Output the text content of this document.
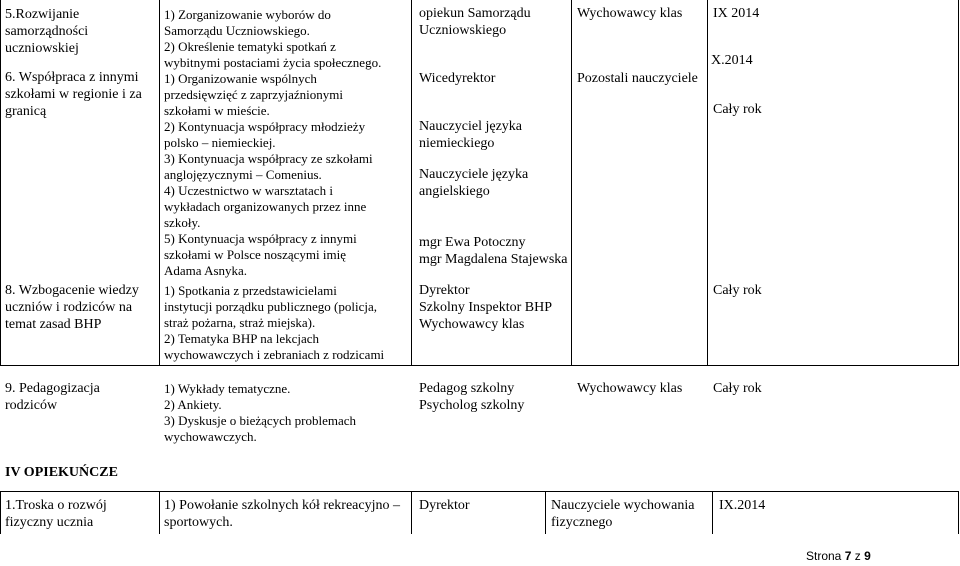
5.Rozwijanie
samorządności
uczniowskiej
1) Zorganizowanie wyborów do
Samorządu Uczniowskiego.
2) Określenie tematyki spotkań z
wybitnymi postaciami życia społecznego.
opiekun Samorządu
Uczniowskiego
Wychowawcy klas IX 2014
X.2014
6. Współpraca z innymi
szkołami w regionie i za
granicą
1) Organizowanie wspólnych
przedsięwzięć z zaprzyjaźnionymi
szkołami w mieście.
2) Kontynuacja współpracy młodzieży
polsko – niemieckiej.
3) Kontynuacja współpracy ze szkołami
anglojęzycznymi – Comenius.
4) Uczestnictwo w warsztatach i
wykładach organizowanych przez inne
szkoły.
5) Kontynuacja współpracy z innymi
szkołami w Polsce noszącymi imię
Adama Asnyka.
Wicedyrektor
Nauczyciel języka
niemieckiego
Nauczyciele języka
angielskiego
mgr Ewa Potoczny
mgr Magdalena Stajewska
Pozostali nauczyciele
Cały rok
8. Wzbogacenie wiedzy
uczniów i rodziców na
temat zasad BHP
1) Spotkania z przedstawicielami
instytucji porządku publicznego (policja,
straż pożarna, straż miejska).
2) Tematyka BHP na lekcjach
wychowawczych i zebraniach z rodzicami
Dyrektor
Szkolny Inspektor BHP
Wychowawcy klas
Cały rok
9. Pedagogizacja
rodziców
1) Wykłady tematyczne.
2) Ankiety.
3) Dyskusje o bieżących problemach
wychowawczych.
Pedagog szkolny
Psycholog szkolny
Wychowawcy klas Cały rok
IV OPIEKUŃCZE
1.Troska o rozwój
fizyczny ucznia
1) Powołanie szkolnych kół rekreacyjno –
sportowych.
Dyrektor	Nauczyciele wychowania
fizycznego
IX.2014
Strona 7 z 9
